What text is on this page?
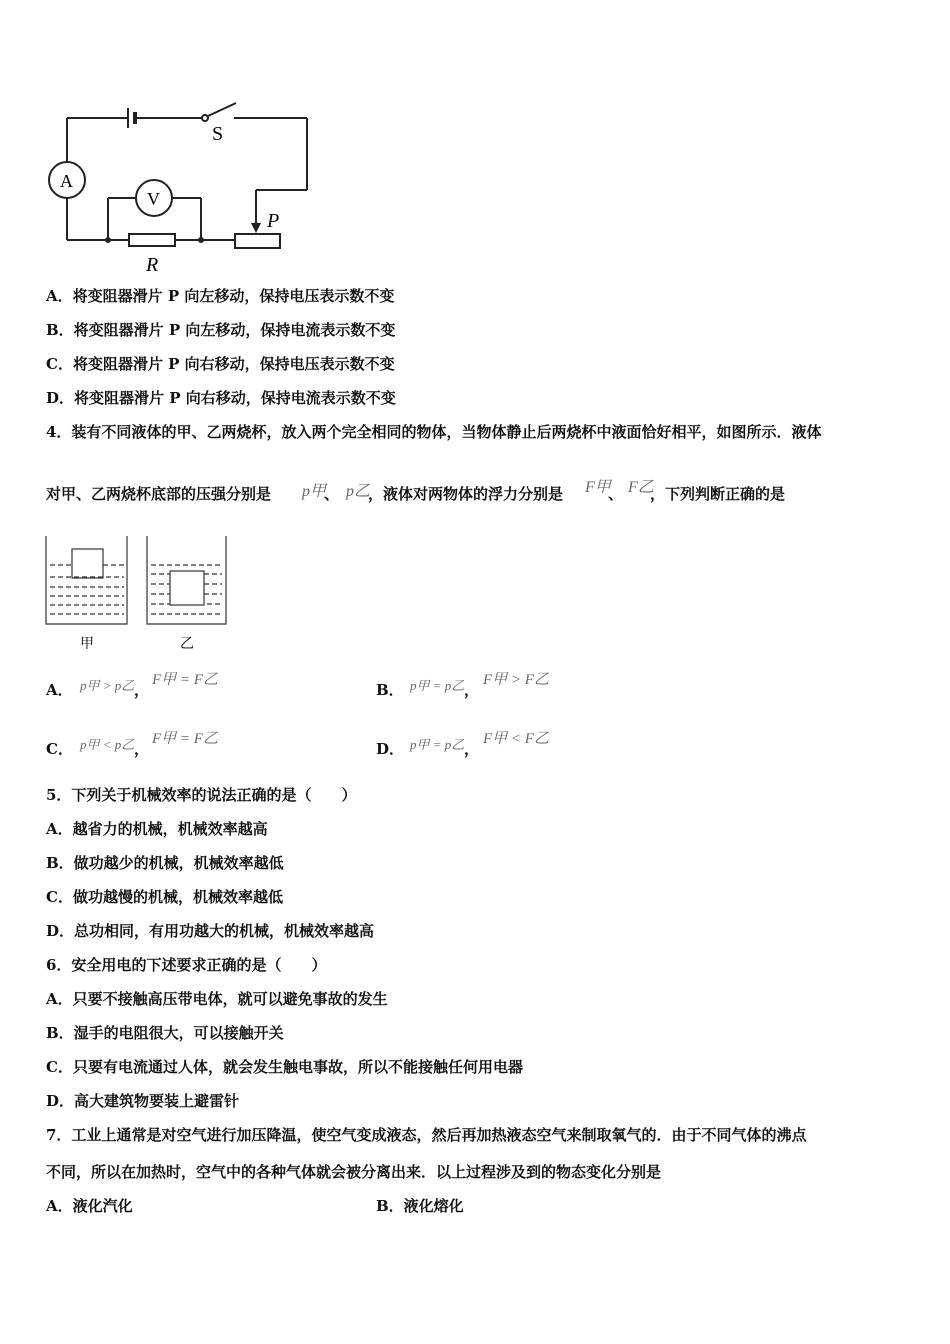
A
V
S
R
P
A．将变阻器滑片 P 向左移动，保持电压表示数不变
B．将变阻器滑片 P 向左移动，保持电流表示数不变
C．将变阻器滑片 P 向右移动，保持电压表示数不变
D．将变阻器滑片 P 向右移动，保持电流表示数不变
4．装有不同液体的甲、乙两烧杯，放入两个完全相同的物体，当物体静止后两烧杯中液面恰好相平，如图所示．液体
对甲、乙两烧杯底部的压强分别是 p甲
、 p乙
，液体对两物体的浮力分别是 F甲
、 F乙
，下列判断正确的是
甲	乙
A． p甲 > p乙 ，
F甲 = F乙
B． p甲 = p乙 ，
F甲 > F乙
C． p甲 < p乙 ，
F甲 = F乙
D． p甲 = p乙 ，
F甲 < F乙
5．下列关于机械效率的说法正确的是（　　）
A．越省力的机械，机械效率越高
B．做功越少的机械，机械效率越低
C．做功越慢的机械，机械效率越低
D．总功相同，有用功越大的机械，机械效率越高
6．安全用电的下述要求正确的是（　　）
A．只要不接触高压带电体，就可以避免事故的发生
B．湿手的电阻很大，可以接触开关
C．只要有电流通过人体，就会发生触电事故，所以不能接触任何用电器
D．高大建筑物要装上避雷针
7．工业上通常是对空气进行加压降温，使空气变成液态，然后再加热液态空气来制取氧气的．由于不同气体的沸点
不同，所以在加热时，空气中的各种气体就会被分离出来．以上过程涉及到的物态变化分别是
A．液化汽化	B．液化熔化
